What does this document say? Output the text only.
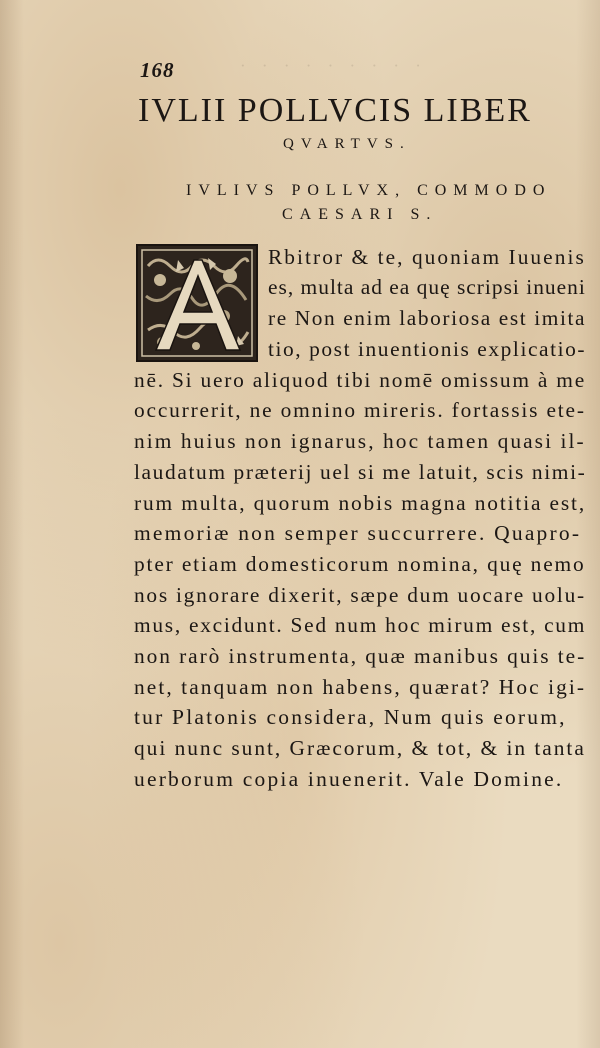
· · · · · · · · ·
168
IVLII POLLVCIS LIBER
QVARTVS.
IVLIVS POLLVX, COMMODO
CAESARI S.
Rbitror & te, quoniam Iuuenis
es, multa ad ea quę scripsi inueni
re Non enim laboriosa est imita
tio, post inuentionis explicatio-
nē. Si uero aliquod tibi nomē omissum à me
occurrerit, ne omnino mireris. fortassis ete-
nim huius non ignarus, hoc tamen quasi il-
laudatum præterij uel si me latuit, scis nimi-
rum multa, quorum nobis magna notitia est,
memoriæ non semper succurrere. Quapro-
pter etiam domesticorum nomina, quę nemo
nos ignorare dixerit, sæpe dum uocare uolu-
mus, excidunt. Sed num hoc mirum est, cum
non rarò instrumenta, quæ manibus quis te-
net, tanquam non habens, quærat? Hoc igi-
tur Platonis considera, Num quis eorum,
qui nunc sunt, Græcorum, & tot, & in tanta
uerborum copia inuenerit. Vale Domine.
